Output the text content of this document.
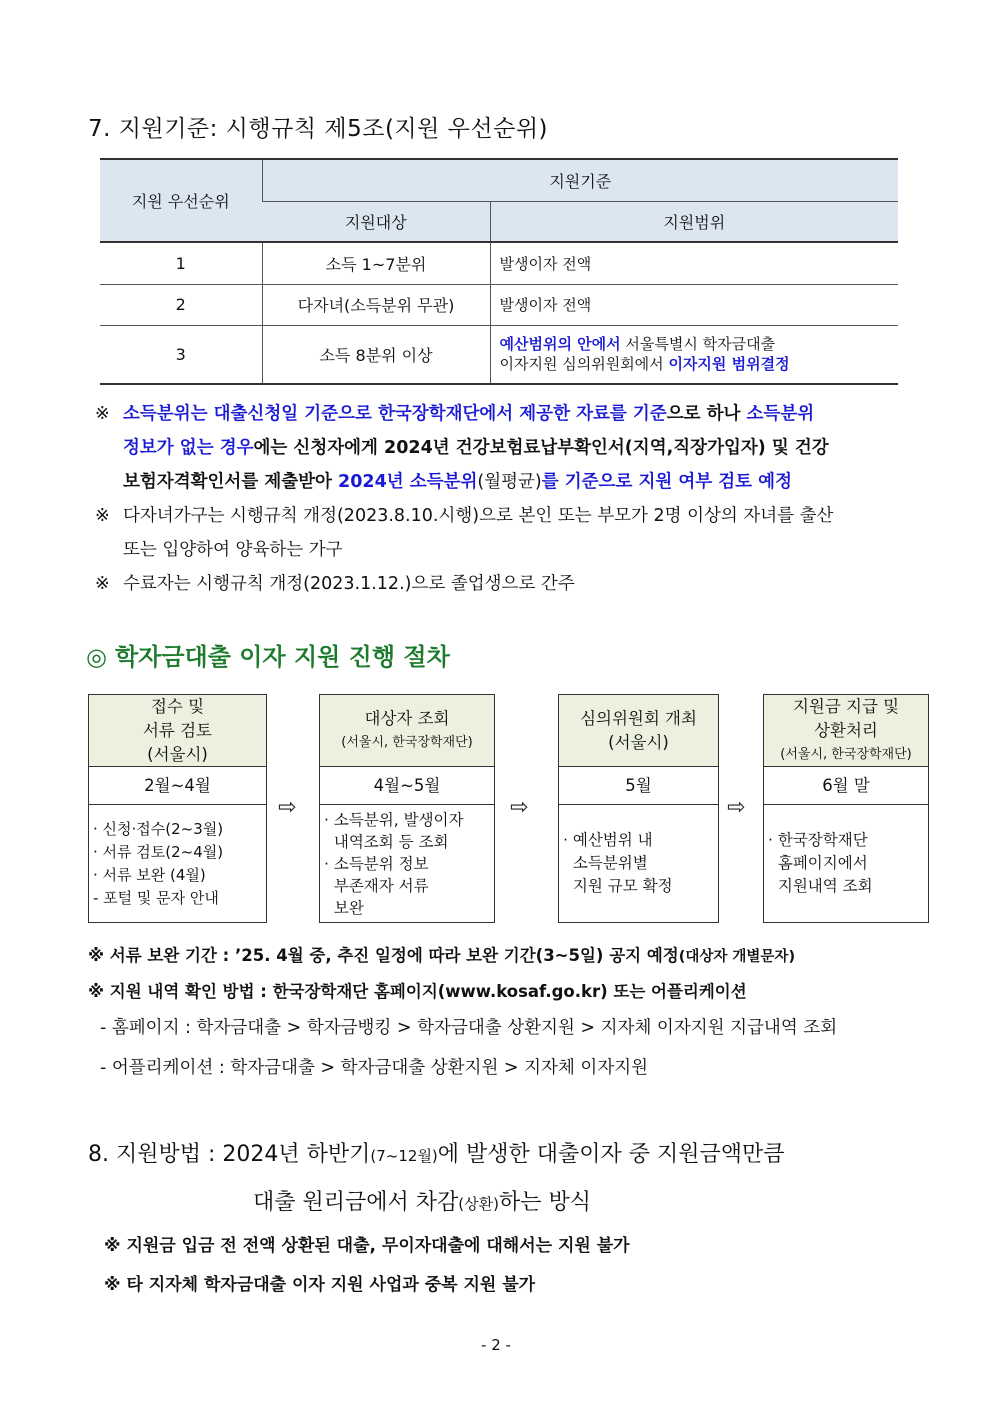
7. 지원기준: 시행규칙 제5조(지원 우선순위)
지원 우선순위	지원기준	
	지원대상	지원범위
1	소득 1~7분위	발생이자 전액
2	다자녀(소득분위 무관)	발생이자 전액
3	소득 8분위 이상	예산범위의 안에서 서울특별시 학자금대출
이자지원 심의위원회에서 이자지원 범위결정
※ 소득분위는 대출신청일 기준으로 한국장학재단에서 제공한 자료를 기준으로 하나 소득분위
정보가 없는 경우에는 신청자에게 2024년 건강보험료납부확인서(지역,직장가입자) 및 건강
보험자격확인서를 제출받아 2024년 소득분위(월평균)를 기준으로 지원 여부 검토 예정
※ 다자녀가구는 시행규칙 개정(2023.8.10.시행)으로 본인 또는 부모가 2명 이상의 자녀를 출산
또는 입양하여 양육하는 가구
※ 수료자는 시행규칙 개정(2023.1.12.)으로 졸업생으로 간주
◎ 학자금대출 이자 지원 진행 절차
접수 및
서류 검토
(서울시)
2월~4월
· 신청·접수(2~3월)
· 서류 검토(2~4월)
· 서류 보완 (4월)
- 포털 및 문자 안내
⇨
대상자 조회
(서울시, 한국장학재단)
4월~5월
· 소득분위, 발생이자
내역조회 등 조회
· 소득분위 정보
부존재자 서류
보완
⇨
심의위원회 개최
(서울시)
5월
· 예산범위 내
소득분위별
지원 규모 확정
⇨
지원금 지급 및
상환처리
(서울시, 한국장학재단)
6월 말
· 한국장학재단
홈페이지에서
지원내역 조회
※ 서류 보완 기간 : ’25. 4월 중, 추진 일정에 따라 보완 기간(3~5일) 공지 예정(대상자 개별문자)
※ 지원 내역 확인 방법 : 한국장학재단 홈페이지(www.kosaf.go.kr) 또는 어플리케이션
- 홈페이지 : 학자금대출 > 학자금뱅킹 > 학자금대출 상환지원 > 지자체 이자지원 지급내역 조회
- 어플리케이션 : 학자금대출 > 학자금대출 상환지원 > 지자체 이자지원
8. 지원방법 : 2024년 하반기(7~12월)에 발생한 대출이자 중 지원금액만큼
대출 원리금에서 차감(상환)하는 방식
※ 지원금 입금 전 전액 상환된 대출, 무이자대출에 대해서는 지원 불가
※ 타 지자체 학자금대출 이자 지원 사업과 중복 지원 불가
- 2 -
